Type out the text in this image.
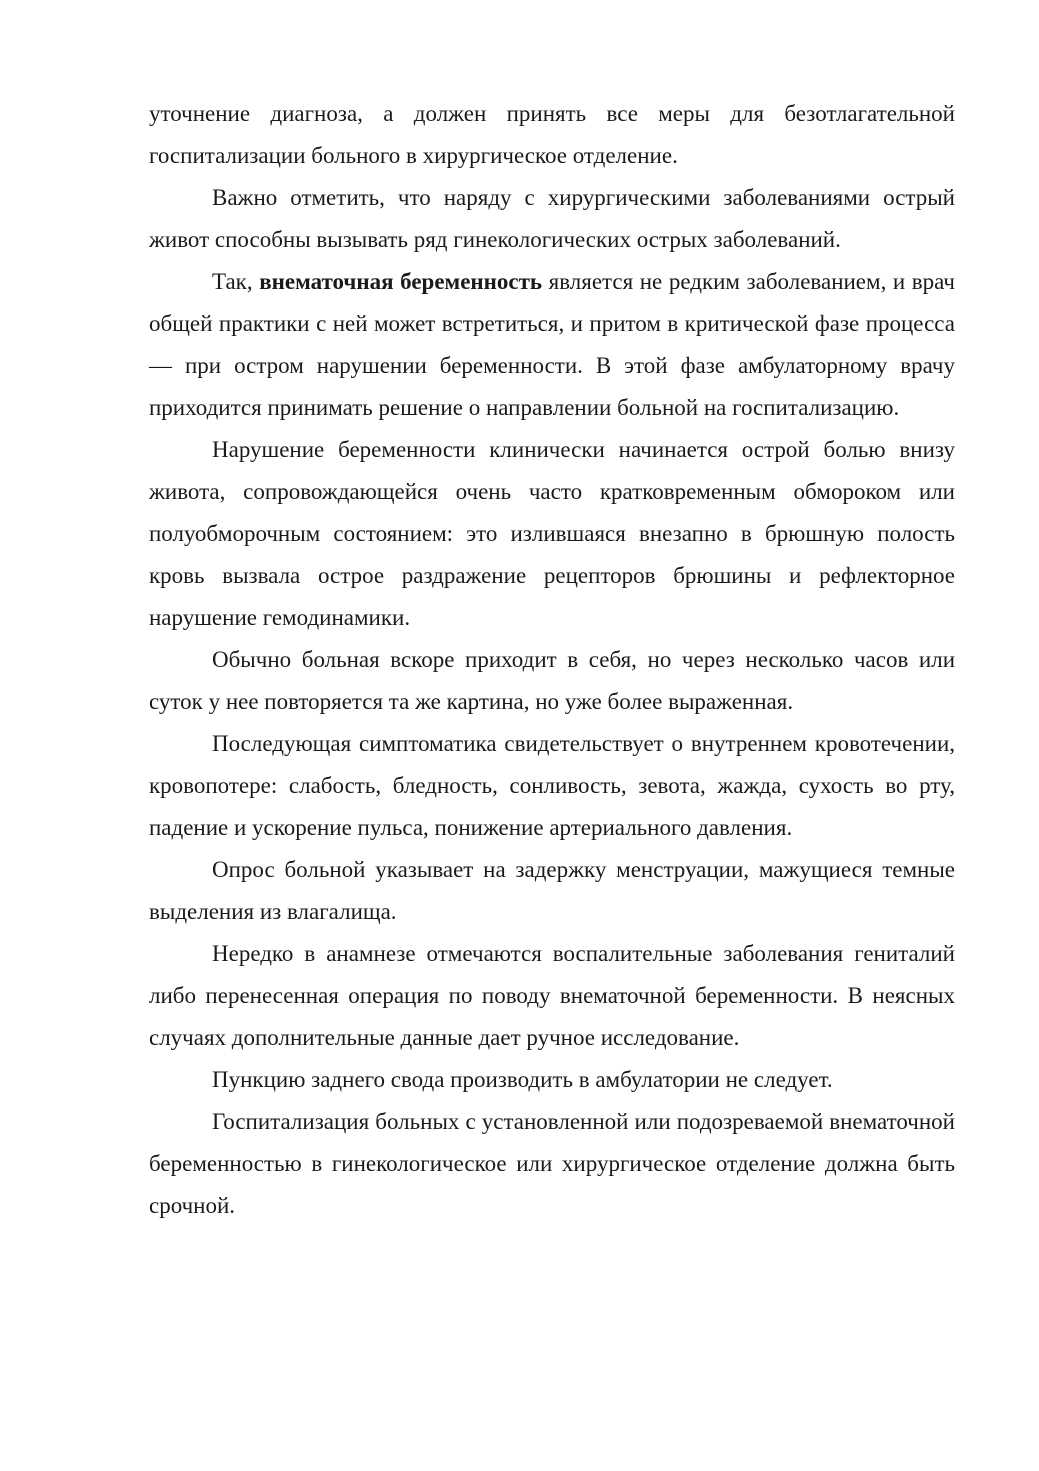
уточнение диагноза, а должен принять все меры для безотлагательной госпитализации больного в хирургическое отделение.

Важно отметить, что наряду с хирургическими заболеваниями острый живот способны вызывать ряд гинекологических острых заболеваний.

Так, внематочная беременность является не редким заболеванием, и врач общей практики с ней может встретиться, и притом в критической фазе процесса — при остром нарушении беременности. В этой фазе амбулаторному врачу приходится принимать решение о направлении больной на госпитализацию.

Нарушение беременности клинически начинается острой болью внизу живота, сопровождающейся очень часто кратковременным обмороком или полуобморочным состоянием: это излившаяся внезапно в брюшную полость кровь вызвала острое раздражение рецепторов брюшины и рефлекторное нарушение гемодинамики.

Обычно больная вскоре приходит в себя, но через несколько часов или суток у нее повторяется та же картина, но уже более выраженная.

Последующая симптоматика свидетельствует о внутреннем кровотечении, кровопотере: слабость, бледность, сонливость, зевота, жажда, сухость во рту, падение и ускорение пульса, понижение артериального давления.

Опрос больной указывает на задержку менструации, мажущиеся темные выделения из влагалища.

Нередко в анамнезе отмечаются воспалительные заболевания гениталий либо перенесенная операция по поводу внематочной беременности. В неясных случаях дополнительные данные дает ручное исследование.

Пункцию заднего свода производить в амбулатории не следует.

Госпитализация больных с установленной или подозреваемой внематочной беременностью в гинекологическое или хирургическое отделение должна быть срочной.
